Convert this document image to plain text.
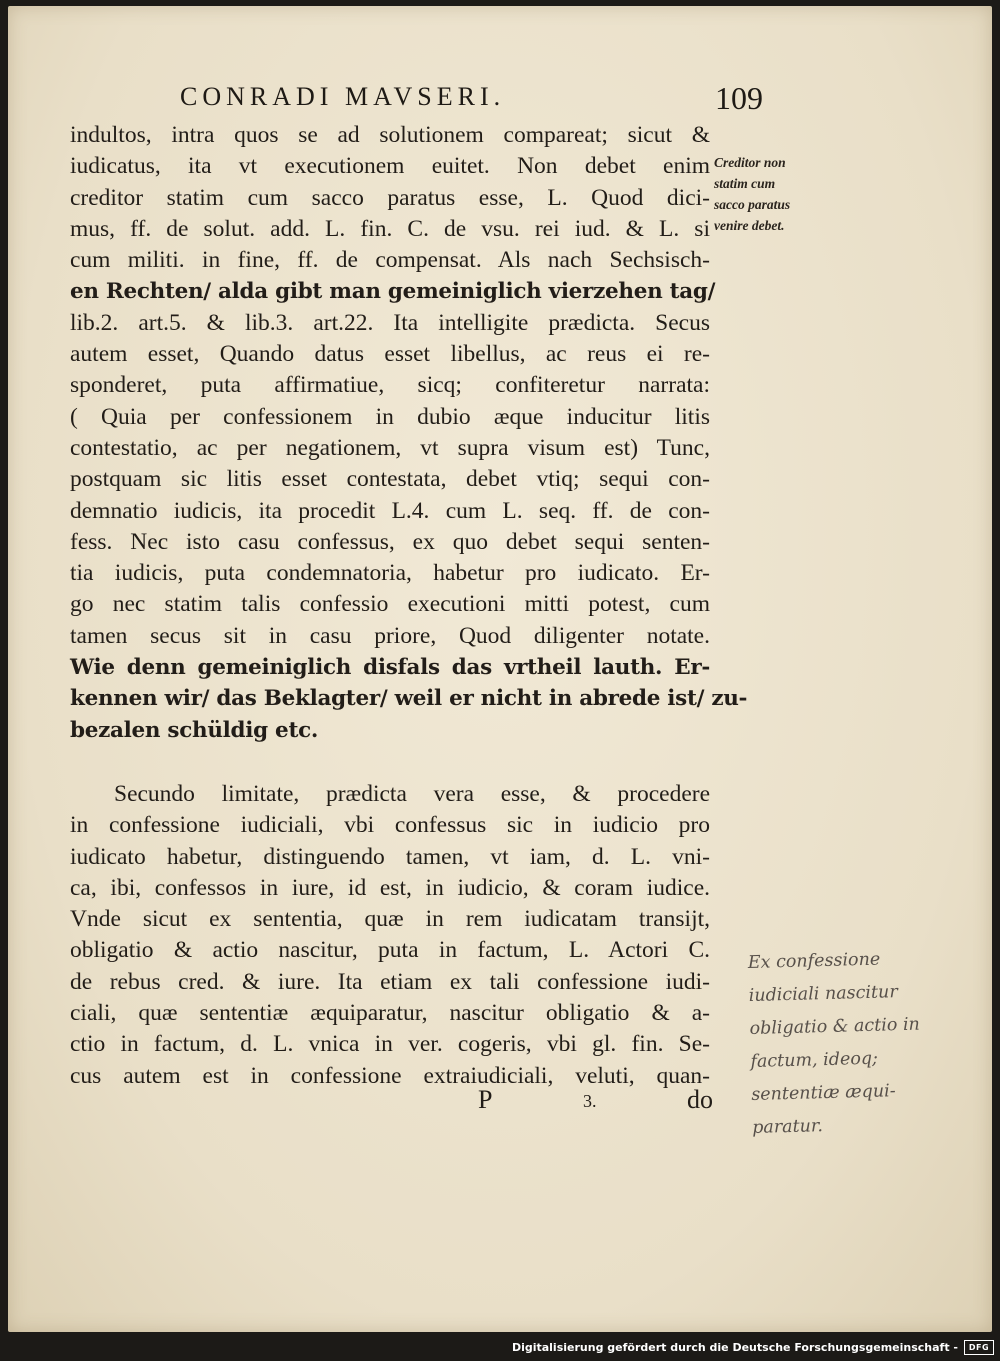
CONRADI MAVSERI.	109
indultos, intra quos se ad solutionem compareat; sicut &
iudicatus, ita vt executionem euitet. Non debet enim
creditor statim cum sacco paratus esse, L. Quod dici-
mus, ff. de solut. add. L. fin. C. de vsu. rei iud. & L. si
cum militi. in fine, ff. de compensat. Als nach Sechsisch-
en Rechten/ alda gibt man gemeiniglich vierzehen tag/
lib.2. art.5. & lib.3. art.22. Ita intelligite prædicta. Secus
autem esset, Quando datus esset libellus, ac reus ei re-
sponderet, puta affirmatiue, sicq; confiteretur narrata:
( Quia per confessionem in dubio æque inducitur litis
contestatio, ac per negationem, vt supra visum est) Tunc,
postquam sic litis esset contestata, debet vtiq; sequi con-
demnatio iudicis, ita procedit L.4. cum L. seq. ff. de con-
fess. Nec isto casu confessus, ex quo debet sequi senten-
tia iudicis, puta condemnatoria, habetur pro iudicato. Er-
go nec statim talis confessio executioni mitti potest, cum
tamen secus sit in casu priore, Quod diligenter notate.
Wie denn gemeiniglich disfals das vrtheil lauth. Er-
kennen wir/ das Beklagter/ weil er nicht in abrede ist/ zu-
bezalen schüldig etc.
Secundo limitate, prædicta vera esse, & procedere
in confessione iudiciali, vbi confessus sic in iudicio pro
iudicato habetur, distinguendo tamen, vt iam, d. L. vni-
ca, ibi, confessos in iure, id est, in iudicio, & coram iudice.
Vnde sicut ex sententia, quæ in rem iudicatam transijt,
obligatio & actio nascitur, puta in factum, L. Actori C.
de rebus cred. & iure. Ita etiam ex tali confessione iudi-
ciali, quæ sententiæ æquiparatur, nascitur obligatio & a-
ctio in factum, d. L. vnica in ver. cogeris, vbi gl. fin. Se-
cus autem est in confessione extraiudiciali, veluti, quan-
P	3.	do
Creditor non
statim cum
sacco paratus
venire debet.
Ex confessione
iudiciali nascitur
obligatio & actio in
factum, ideoq;
sententiæ æqui-
paratur.
Digitalisierung gefördert durch die Deutsche Forschungsgemeinschaft -	DFG
